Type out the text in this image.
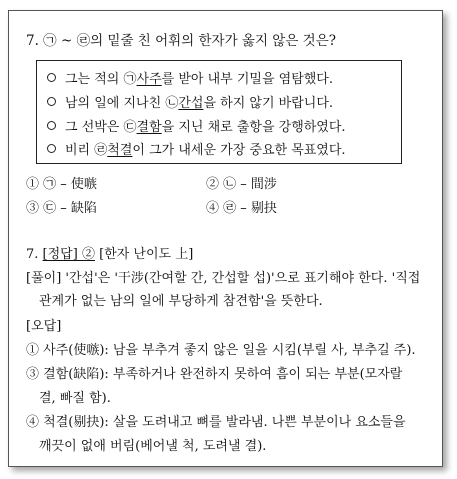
7. ㉠ ~ ㉣의 밑줄 친 어휘의 한자가 옳지 않은 것은?
그는 적의 ㉠사주를 받아 내부 기밀을 염탐했다.
남의 일에 지나친 ㉡간섭을 하지 않기 바랍니다.
그 선박은 ㉢결함을 지닌 채로 출항을 강행하였다.
비리 ㉣척결이 그가 내세운 가장 중요한 목표였다.
① ㉠ – 使嗾	② ㉡ – 間涉
③ ㉢ – 缺陷	④ ㉣ – 剔抉
7. [정답] ② [한자 난이도 上]
[풀이] '간섭'은 '干涉(간여할 간, 간섭할 섭)'으로 표기해야 한다. '직접
관계가 없는 남의 일에 부당하게 참견함'을 뜻한다.
[오답]
① 사주(使嗾): 남을 부추겨 좋지 않은 일을 시킴(부릴 사, 부추길 주).
③ 결함(缺陷): 부족하거나 완전하지 못하여 흠이 되는 부분(모자랄
결, 빠질 함).
④ 척결(剔抉): 살을 도려내고 뼈를 발라냄. 나쁜 부분이나 요소들을
깨끗이 없애 버림(베어낼 척, 도려낼 결).
